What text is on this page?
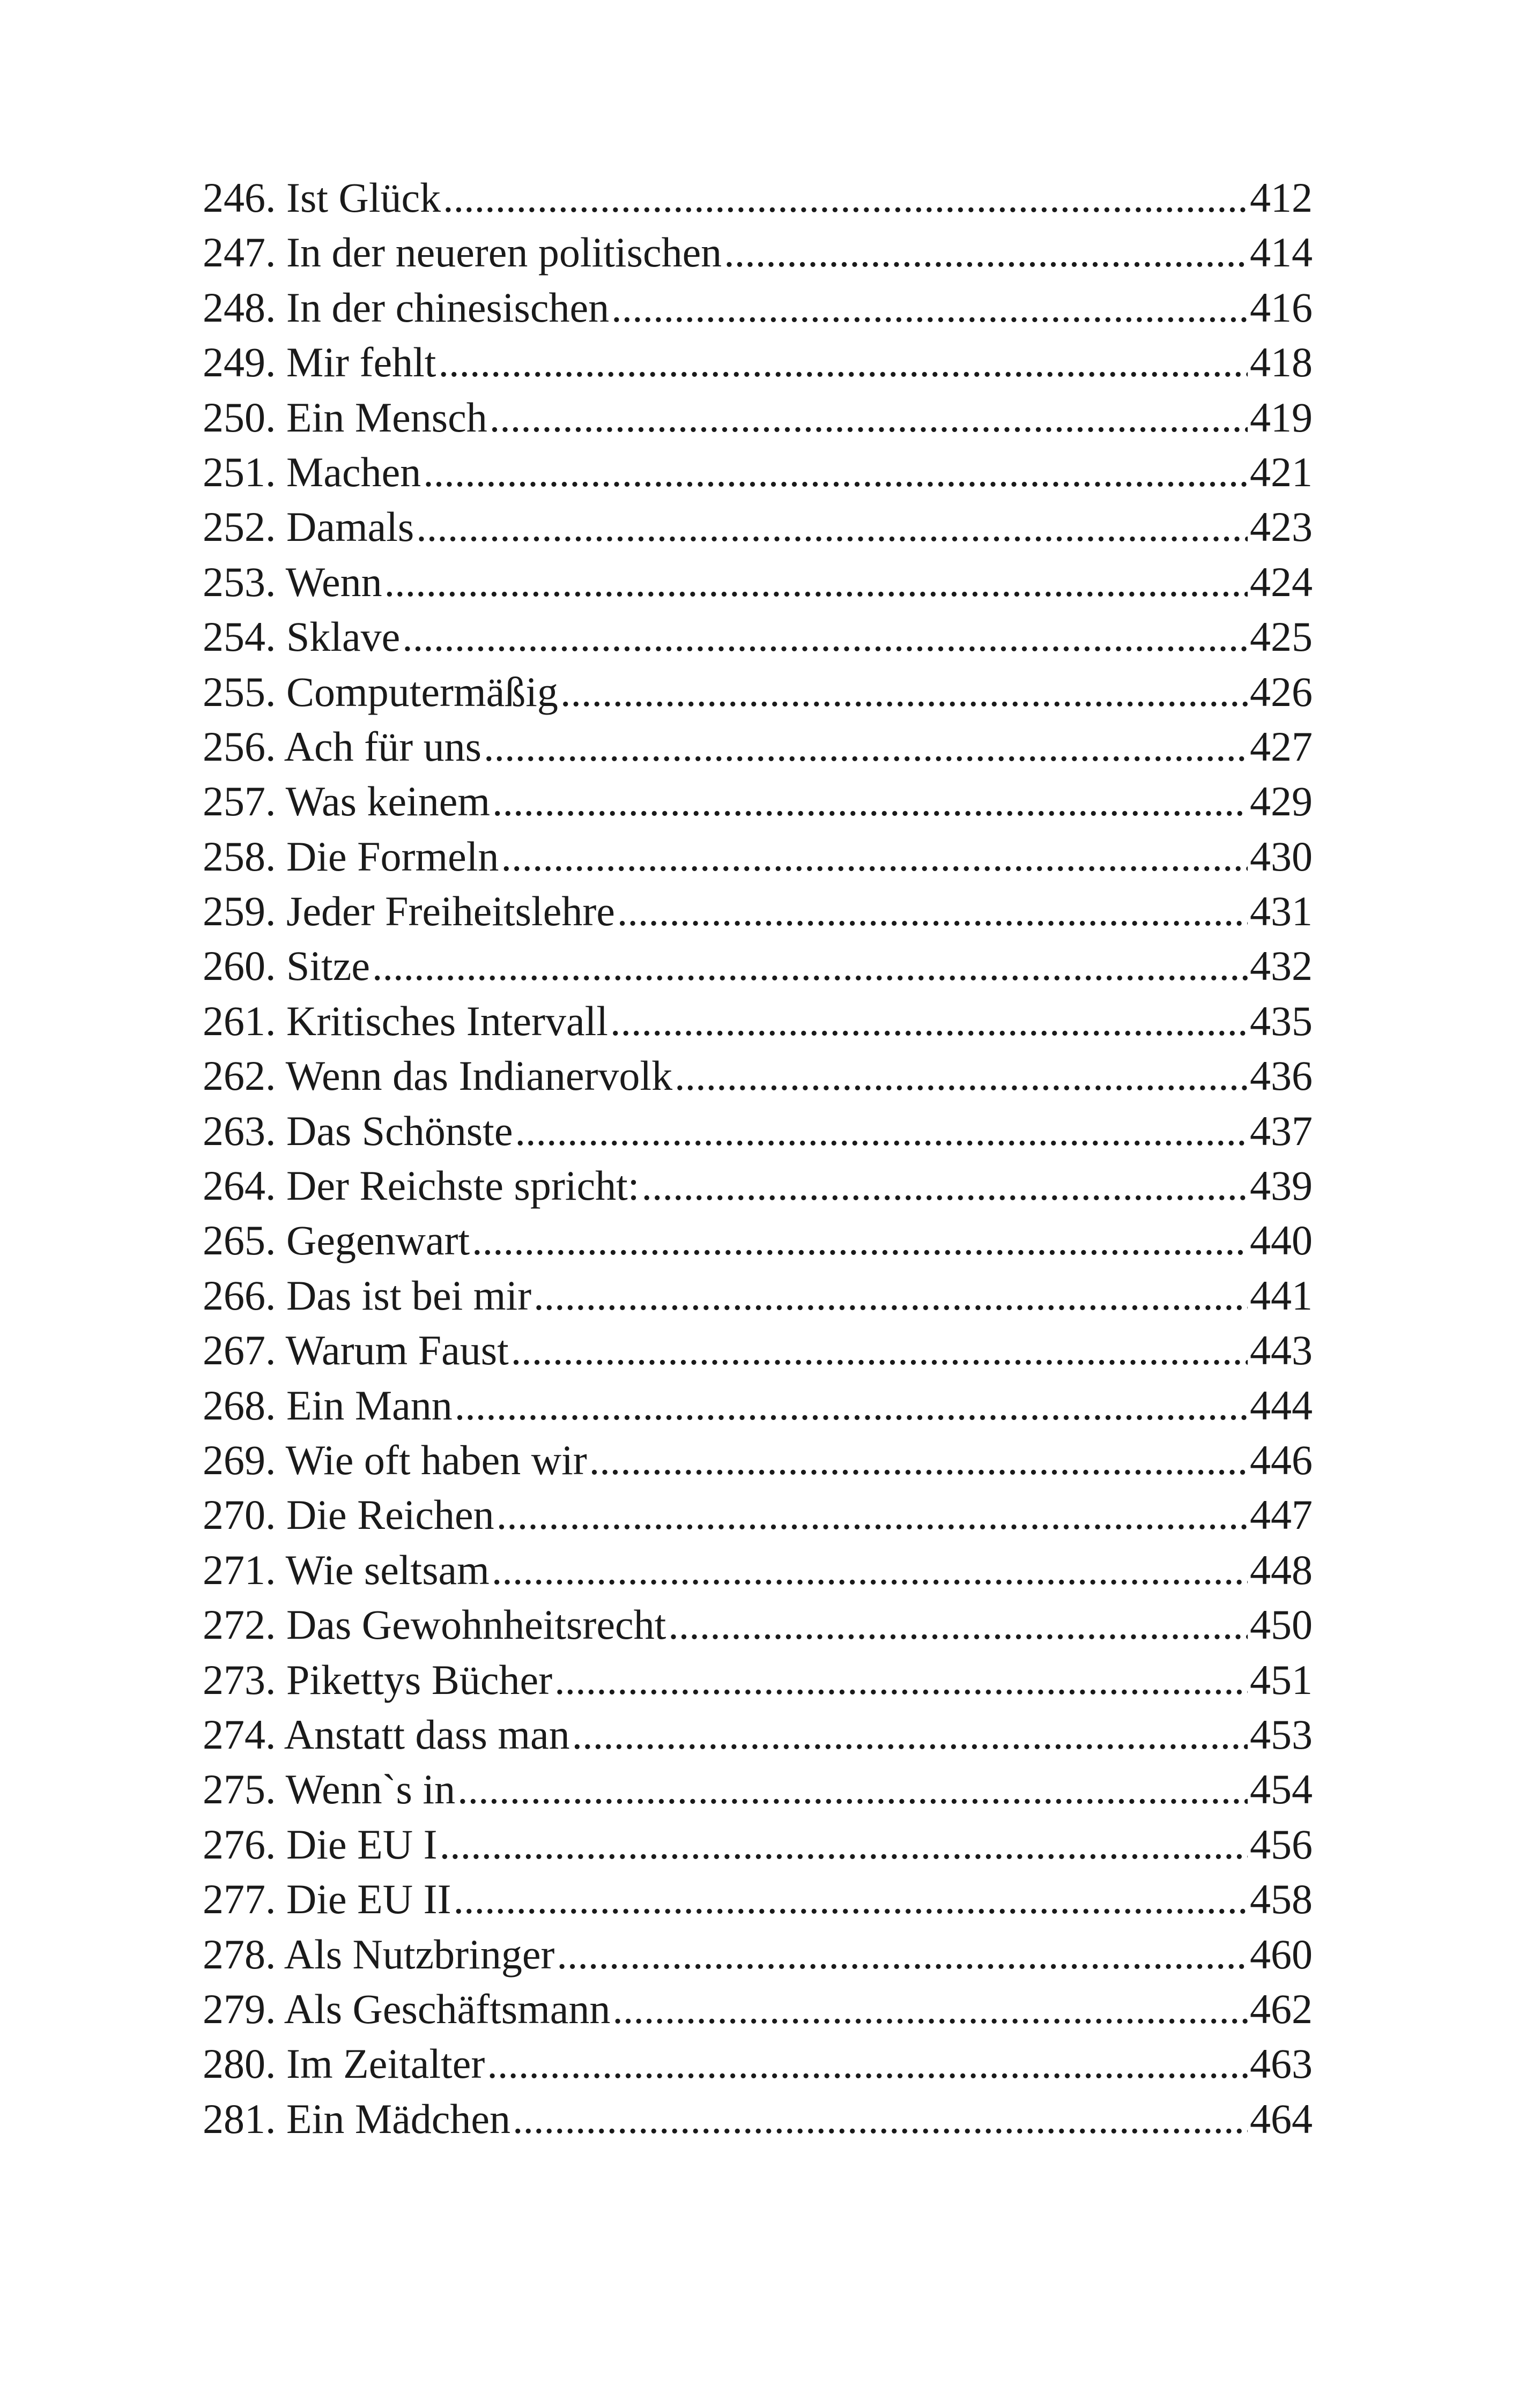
246. Ist Glück .....	412
247. In der neueren politischen .....	414
248. In der chinesischen .....	416
249. Mir fehlt .....	418
250. Ein Mensch .....	419
251. Machen .....	421
252. Damals .....	423
253. Wenn .....	424
254. Sklave .....	425
255. Computermäßig .....	426
256. Ach für uns .....	427
257. Was keinem .....	429
258. Die Formeln .....	430
259. Jeder Freiheitslehre .....	431
260. Sitze .....	432
261. Kritisches Intervall .....	435
262. Wenn das Indianervolk .....	436
263. Das Schönste .....	437
264. Der Reichste spricht: .....	439
265. Gegenwart .....	440
266. Das ist bei mir .....	441
267. Warum Faust .....	443
268. Ein Mann .....	444
269. Wie oft haben wir .....	446
270. Die Reichen .....	447
271. Wie seltsam .....	448
272. Das Gewohnheitsrecht .....	450
273. Pikettys Bücher .....	451
274. Anstatt dass man .....	453
275. Wenn`s in .....	454
276. Die EU I .....	456
277. Die EU II .....	458
278. Als Nutzbringer .....	460
279. Als Geschäftsmann .....	462
280. Im Zeitalter .....	463
281. Ein Mädchen .....	464
